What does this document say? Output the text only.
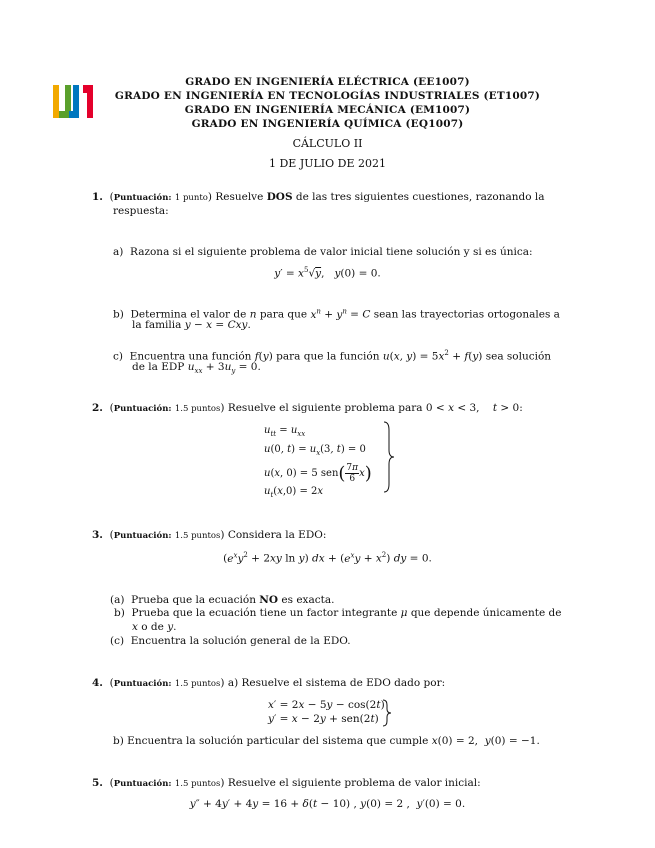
GRADO EN INGENIERÍA ELÉCTRICA (EE1007)
GRADO EN INGENIERÍA EN TECNOLOGÍAS INDUSTRIALES (ET1007)
GRADO EN INGENIERÍA MECÁNICA (EM1007)
GRADO EN INGENIERÍA QUÍMICA (EQ1007)
CÁLCULO II
1 DE JULIO DE 2021
1.  (Puntuación: 1 punto) Resuelve DOS de las tres siguientes cuestiones, razonando la
respuesta:
a) Razona si el siguiente problema de valor inicial tiene solución y si es única:
$y' = x^5√y$,   y(0) = 0.
b) Determina el valor de n para que $x^n + y^n = C$ sean las trayectorias ortogonales a
la familia y − x = Cxy.
c) Encuentra una función f(y) para que la función u(x, $y) = 5x^2 + f(y)$ sea solución
de la EDP $u_{xx} + 3u_y = 0$.
2.  (Puntuación: 1.5 puntos) Resuelve el siguiente problema para 0 < x < 3,    t > 0:
$u_{tt} = u_{xx}$
u(0, $t) = u_x(3$, t) = 0
u(x, 0) = 5 $sen( \frac{7\pi}{6} x)$
$u_t(x,0) = 2x$
3.  (Puntuación: 1.5 puntos) Considera la EDO:
($e^xy^2 + 2xy$ ln y) dx + $(e^xy + x^2)$ dy = 0.
(a) Prueba que la ecuación NO es exacta.
b) Prueba que la ecuación tiene un factor integrante μ que depende únicamente de
x o de y.
(c) Encuentra la solución general de la EDO.
4.  (Puntuación: 1.5 puntos) a) Resuelve el sistema de EDO dado por:
x′ = 2x − 5y − cos(2t)
y′ = x − 2y + sen(2t)
b) Encuentra la solución particular del sistema que cumple x(0) = 2,  y(0) = −1.
5.  (Puntuación: 1.5 puntos) Resuelve el siguiente problema de valor inicial:
y″ + 4y′ + 4y = 16 + δ(t − 10) , y(0) = 2 ,  y′(0) = 0.
